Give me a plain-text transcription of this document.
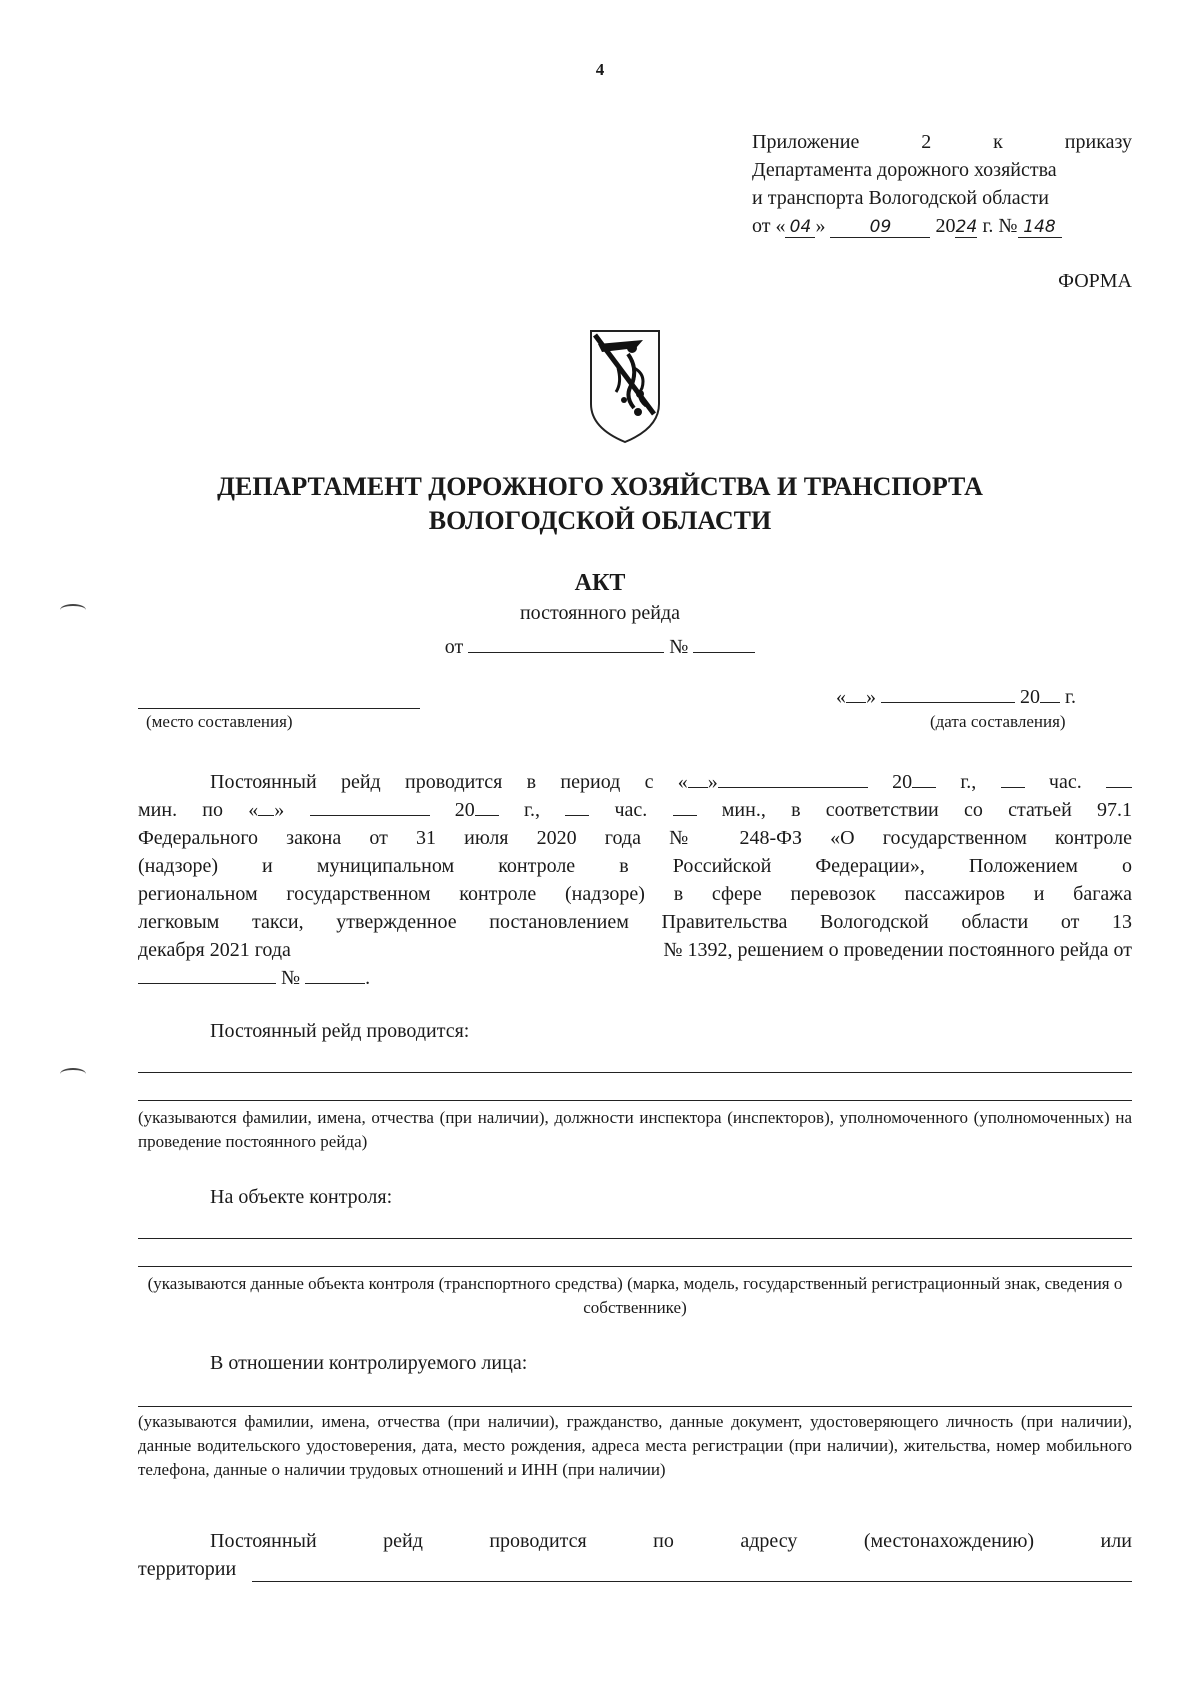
4
Приложение	2	к	приказу
Департамента дорожного хозяйства
и транспорта Вологодской области
от « 04 »	09 2024 г. № 148
ФОРМА
ДЕПАРТАМЕНТ ДОРОЖНОГО ХОЗЯЙСТВА И ТРАНСПОРТА
ВОЛОГОДСКОЙ ОБЛАСТИ
АКТ
постоянного рейда
от	№
(место составления)
« »	20 г.
(дата составления)
Постоянный рейд проводится в период с « »	20 г.,  час.
мин. по « »	20 г.,  час.  мин., в соответствии со статьей 97.1
Федерального закона от 31 июля 2020 года № 248-ФЗ «О государственном контроле
(надзоре) и муниципальном контроле в Российской Федерации», Положением о
региональном государственном контроле (надзоре) в сфере перевозок пассажиров и багажа
легковым такси, утвержденное постановлением Правительства Вологодской области от 13
декабря 2021 года	№ 1392, решением о проведении постоянного рейда от
№	.
Постоянный рейд проводится:
(указываются фамилии, имена, отчества (при наличии), должности инспектора (инспекторов), уполномоченного (уполномоченных) на проведение постоянного рейда)
На объекте контроля:
(указываются данные объекта контроля (транспортного средства) (марка, модель, государственный регистрационный знак, сведения о собственнике)
В отношении контролируемого лица:
(указываются фамилии, имена, отчества (при наличии), гражданство, данные документ, удостоверяющего личность (при наличии), данные водительского удостоверения, дата, место рождения, адреса места регистрации (при наличии), жительства, номер мобильного телефона, данные о наличии трудовых отношений и ИНН (при наличии)
Постоянный	рейд	проводится	по	адресу	(местонахождению)	или
территории
